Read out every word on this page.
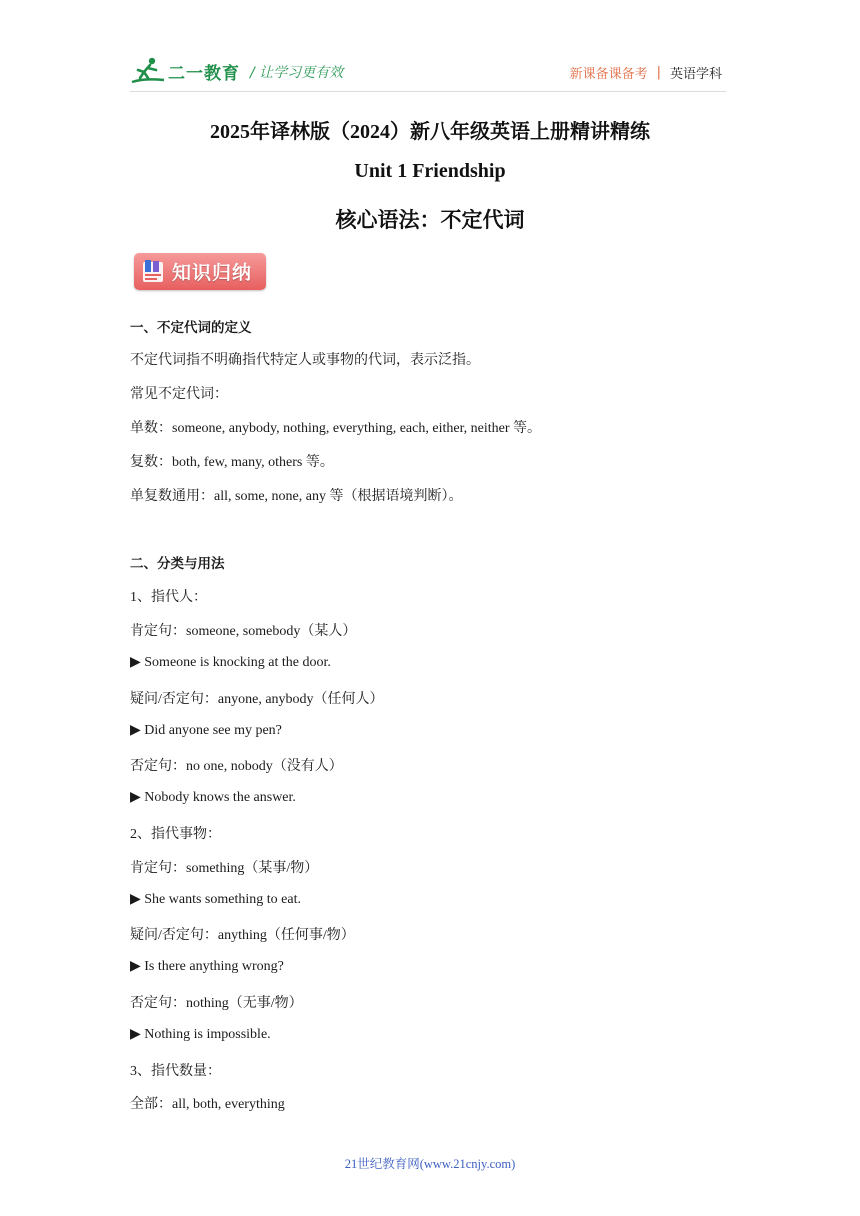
二一教育 / 让学习更有效	新课备课备考 | 英语学科
2025年译林版（2024）新八年级英语上册精讲精练
Unit 1 Friendship
核心语法：不定代词
知识归纳
一、不定代词的定义
不定代词指不明确指代特定人或事物的代词，表示泛指。
常见不定代词：
单数：someone, anybody, nothing, everything, each, either, neither 等。
复数：both, few, many, others 等。
单复数通用：all, some, none, any 等（根据语境判断）。
二、分类与用法
1、指代人：
肯定句：someone, somebody（某人）
▶ Someone is knocking at the door.
疑问/否定句：anyone, anybody（任何人）
▶ Did anyone see my pen?
否定句：no one, nobody（没有人）
▶ Nobody knows the answer.
2、指代事物：
肯定句：something（某事/物）
▶ She wants something to eat.
疑问/否定句：anything（任何事/物）
▶ Is there anything wrong?
否定句：nothing（无事/物）
▶ Nothing is impossible.
3、指代数量：
全部：all, both, everything
21世纪教育网(www.21cnjy.com)
